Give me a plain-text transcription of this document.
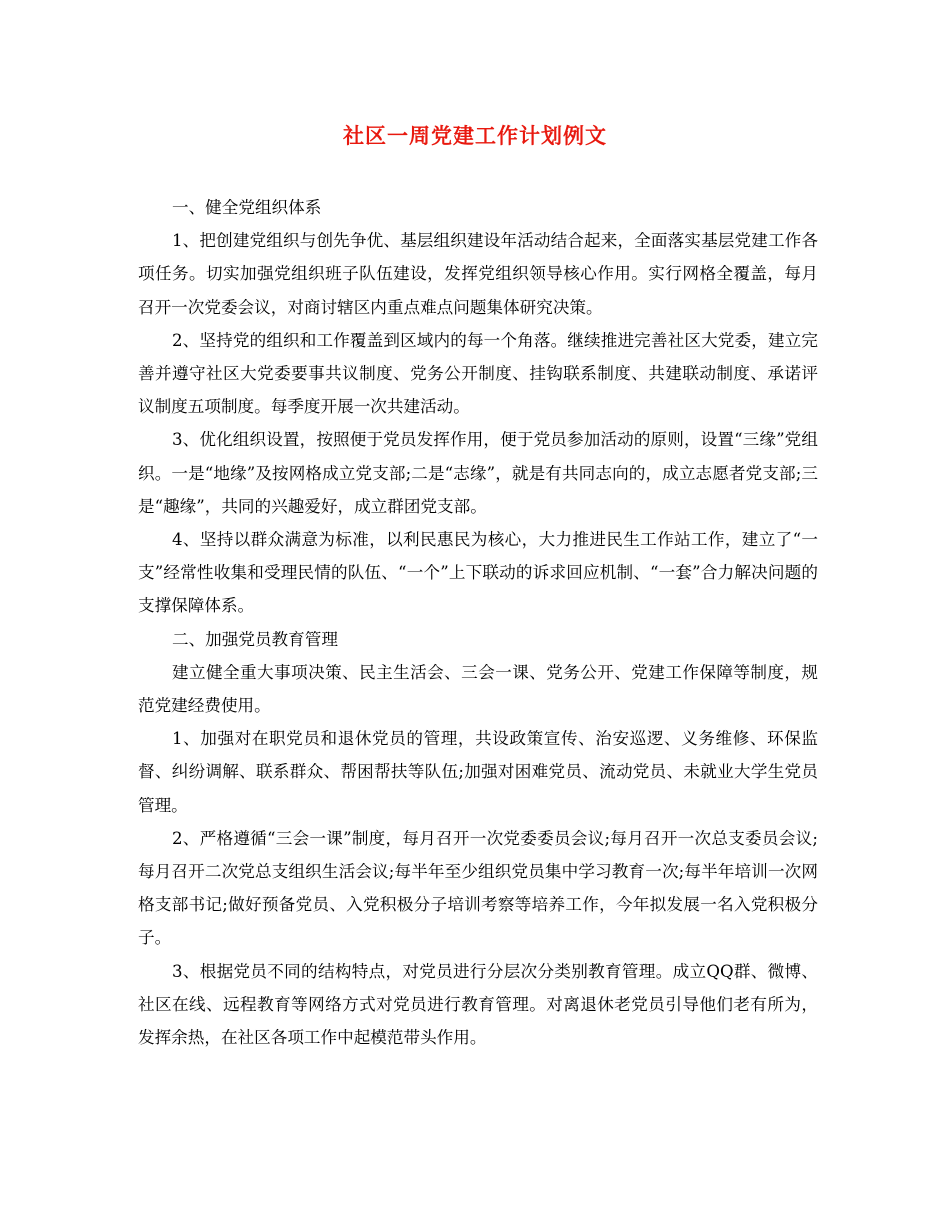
社区一周党建工作计划例文

一、健全党组织体系

1、把创建党组织与创先争优、基层组织建设年活动结合起来，全面落实基层党建工作各项任务。切实加强党组织班子队伍建设，发挥党组织领导核心作用。实行网格全覆盖，每月召开一次党委会议，对商讨辖区内重点难点问题集体研究决策。

2、坚持党的组织和工作覆盖到区域内的每一个角落。继续推进完善社区大党委，建立完善并遵守社区大党委要事共议制度、党务公开制度、挂钩联系制度、共建联动制度、承诺评议制度五项制度。每季度开展一次共建活动。

3、优化组织设置，按照便于党员发挥作用，便于党员参加活动的原则，设置“三缘”党组织。一是“地缘”及按网格成立党支部;二是“志缘”，就是有共同志向的，成立志愿者党支部;三是“趣缘”，共同的兴趣爱好，成立群团党支部。

4、坚持以群众满意为标准，以利民惠民为核心，大力推进民生工作站工作，建立了“一支”经常性收集和受理民情的队伍、“一个”上下联动的诉求回应机制、“一套”合力解决问题的支撑保障体系。

二、加强党员教育管理

建立健全重大事项决策、民主生活会、三会一课、党务公开、党建工作保障等制度，规范党建经费使用。

1、加强对在职党员和退休党员的管理，共设政策宣传、治安巡逻、义务维修、环保监督、纠纷调解、联系群众、帮困帮扶等队伍;加强对困难党员、流动党员、未就业大学生党员管理。

2、严格遵循“三会一课”制度，每月召开一次党委委员会议;每月召开一次总支委员会议;每月召开二次党总支组织生活会议;每半年至少组织党员集中学习教育一次;每半年培训一次网格支部书记;做好预备党员、入党积极分子培训考察等培养工作，今年拟发展一名入党积极分子。

3、根据党员不同的结构特点，对党员进行分层次分类别教育管理。成立QQ群、微博、社区在线、远程教育等网络方式对党员进行教育管理。对离退休老党员引导他们老有所为，发挥余热，在社区各项工作中起模范带头作用。
